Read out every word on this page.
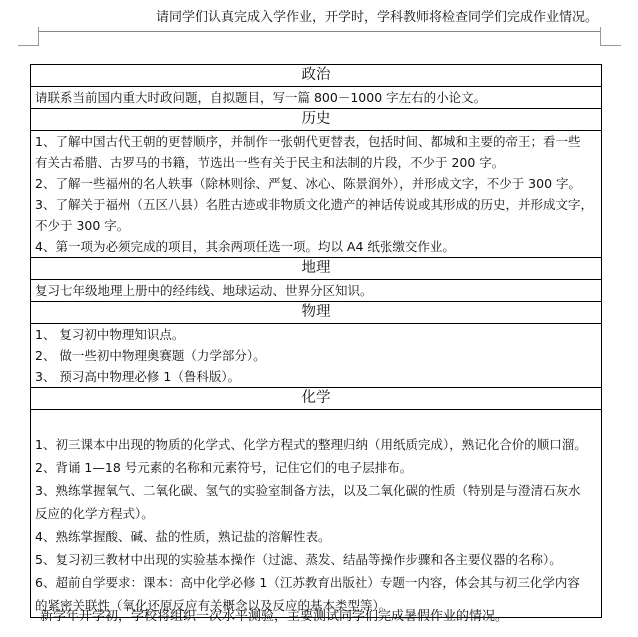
请同学们认真完成入学作业，开学时，学科教师将检查同学们完成作业情况。
政治

请联系当前国内重大时政问题，自拟题目，写一篇 800－1000 字左右的小论文。

历史

1、了解中国古代王朝的更替顺序，并制作一张朝代更替表，包括时间、都城和主要的帝王；看一些
有关古希腊、古罗马的书籍，节选出一些有关于民主和法制的片段，不少于 200 字。
2、了解一些福州的名人轶事（除林则徐、严复、冰心、陈景润外），并形成文字，不少于 300 字。
3、了解关于福州（五区八县）名胜古迹或非物质文化遗产的神话传说或其形成的历史，并形成文字，
不少于 300 字。
4、第一项为必须完成的项目，其余两项任选一项。均以 A4 纸张缴交作业。

地理

复习七年级地理上册中的经纬线、地球运动、世界分区知识。

物理

1、 复习初中物理知识点。
2、 做一些初中物理奥赛题（力学部分）。
3、 预习高中物理必修 1（鲁科版）。

化学

1、初三课本中出现的物质的化学式、化学方程式的整理归纳（用纸质完成），熟记化合价的顺口溜。
2、背诵 1—18 号元素的名称和元素符号，记住它们的电子层排布。
3、熟练掌握氧气、二氧化碳、氢气的实验室制备方法，以及二氧化碳的性质（特别是与澄清石灰水
反应的化学方程式）。
4、熟练掌握酸、碱、盐的性质，熟记盐的溶解性表。
5、复习初三教材中出现的实验基本操作（过滤、蒸发、结晶等操作步骤和各主要仪器的名称）。
6、超前自学要求：课本：高中化学必修 1（江苏教育出版社）专题一内容，体会其与初三化学内容
的紧密关联性（氧化还原反应有关概念以及反应的基本类型等）。
新学年开学初，学校将组织一次水平测验，主要测试同学们完成暑假作业的情况。
